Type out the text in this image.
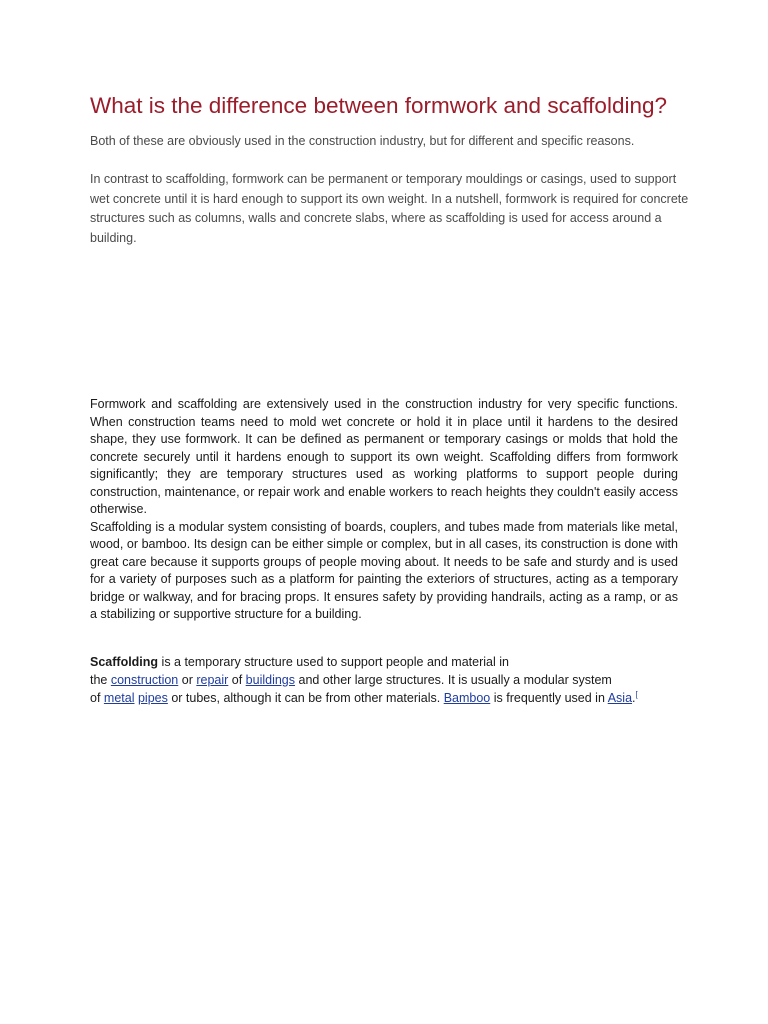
What is the difference between formwork and scaffolding?

Both of these are obviously used in the construction industry, but for different and specific reasons.

In contrast to scaffolding, formwork can be permanent or temporary mouldings or casings, used to support wet concrete until it is hard enough to support its own weight. In a nutshell, formwork is required for concrete structures such as columns, walls and concrete slabs, where as scaffolding is used for access around a building.

Formwork and scaffolding are extensively used in the construction industry for very specific functions. When construction teams need to mold wet concrete or hold it in place until it hardens to the desired shape, they use formwork. It can be defined as permanent or temporary casings or molds that hold the concrete securely until it hardens enough to support its own weight. Scaffolding differs from formwork significantly; they are temporary structures used as working platforms to support people during construction, maintenance, or repair work and enable workers to reach heights they couldn't easily access otherwise.

Scaffolding is a modular system consisting of boards, couplers, and tubes made from materials like metal, wood, or bamboo. Its design can be either simple or complex, but in all cases, its construction is done with great care because it supports groups of people moving about. It needs to be safe and sturdy and is used for a variety of purposes such as a platform for painting the exteriors of structures, acting as a temporary bridge or walkway, and for bracing props. It ensures safety by providing handrails, acting as a ramp, or as a stabilizing or supportive structure for a building.

Scaffolding is a temporary structure used to support people and material in
the construction or repair of buildings and other large structures. It is usually a modular system
of metal pipes or tubes, although it can be from other materials. Bamboo is frequently used in Asia.[
